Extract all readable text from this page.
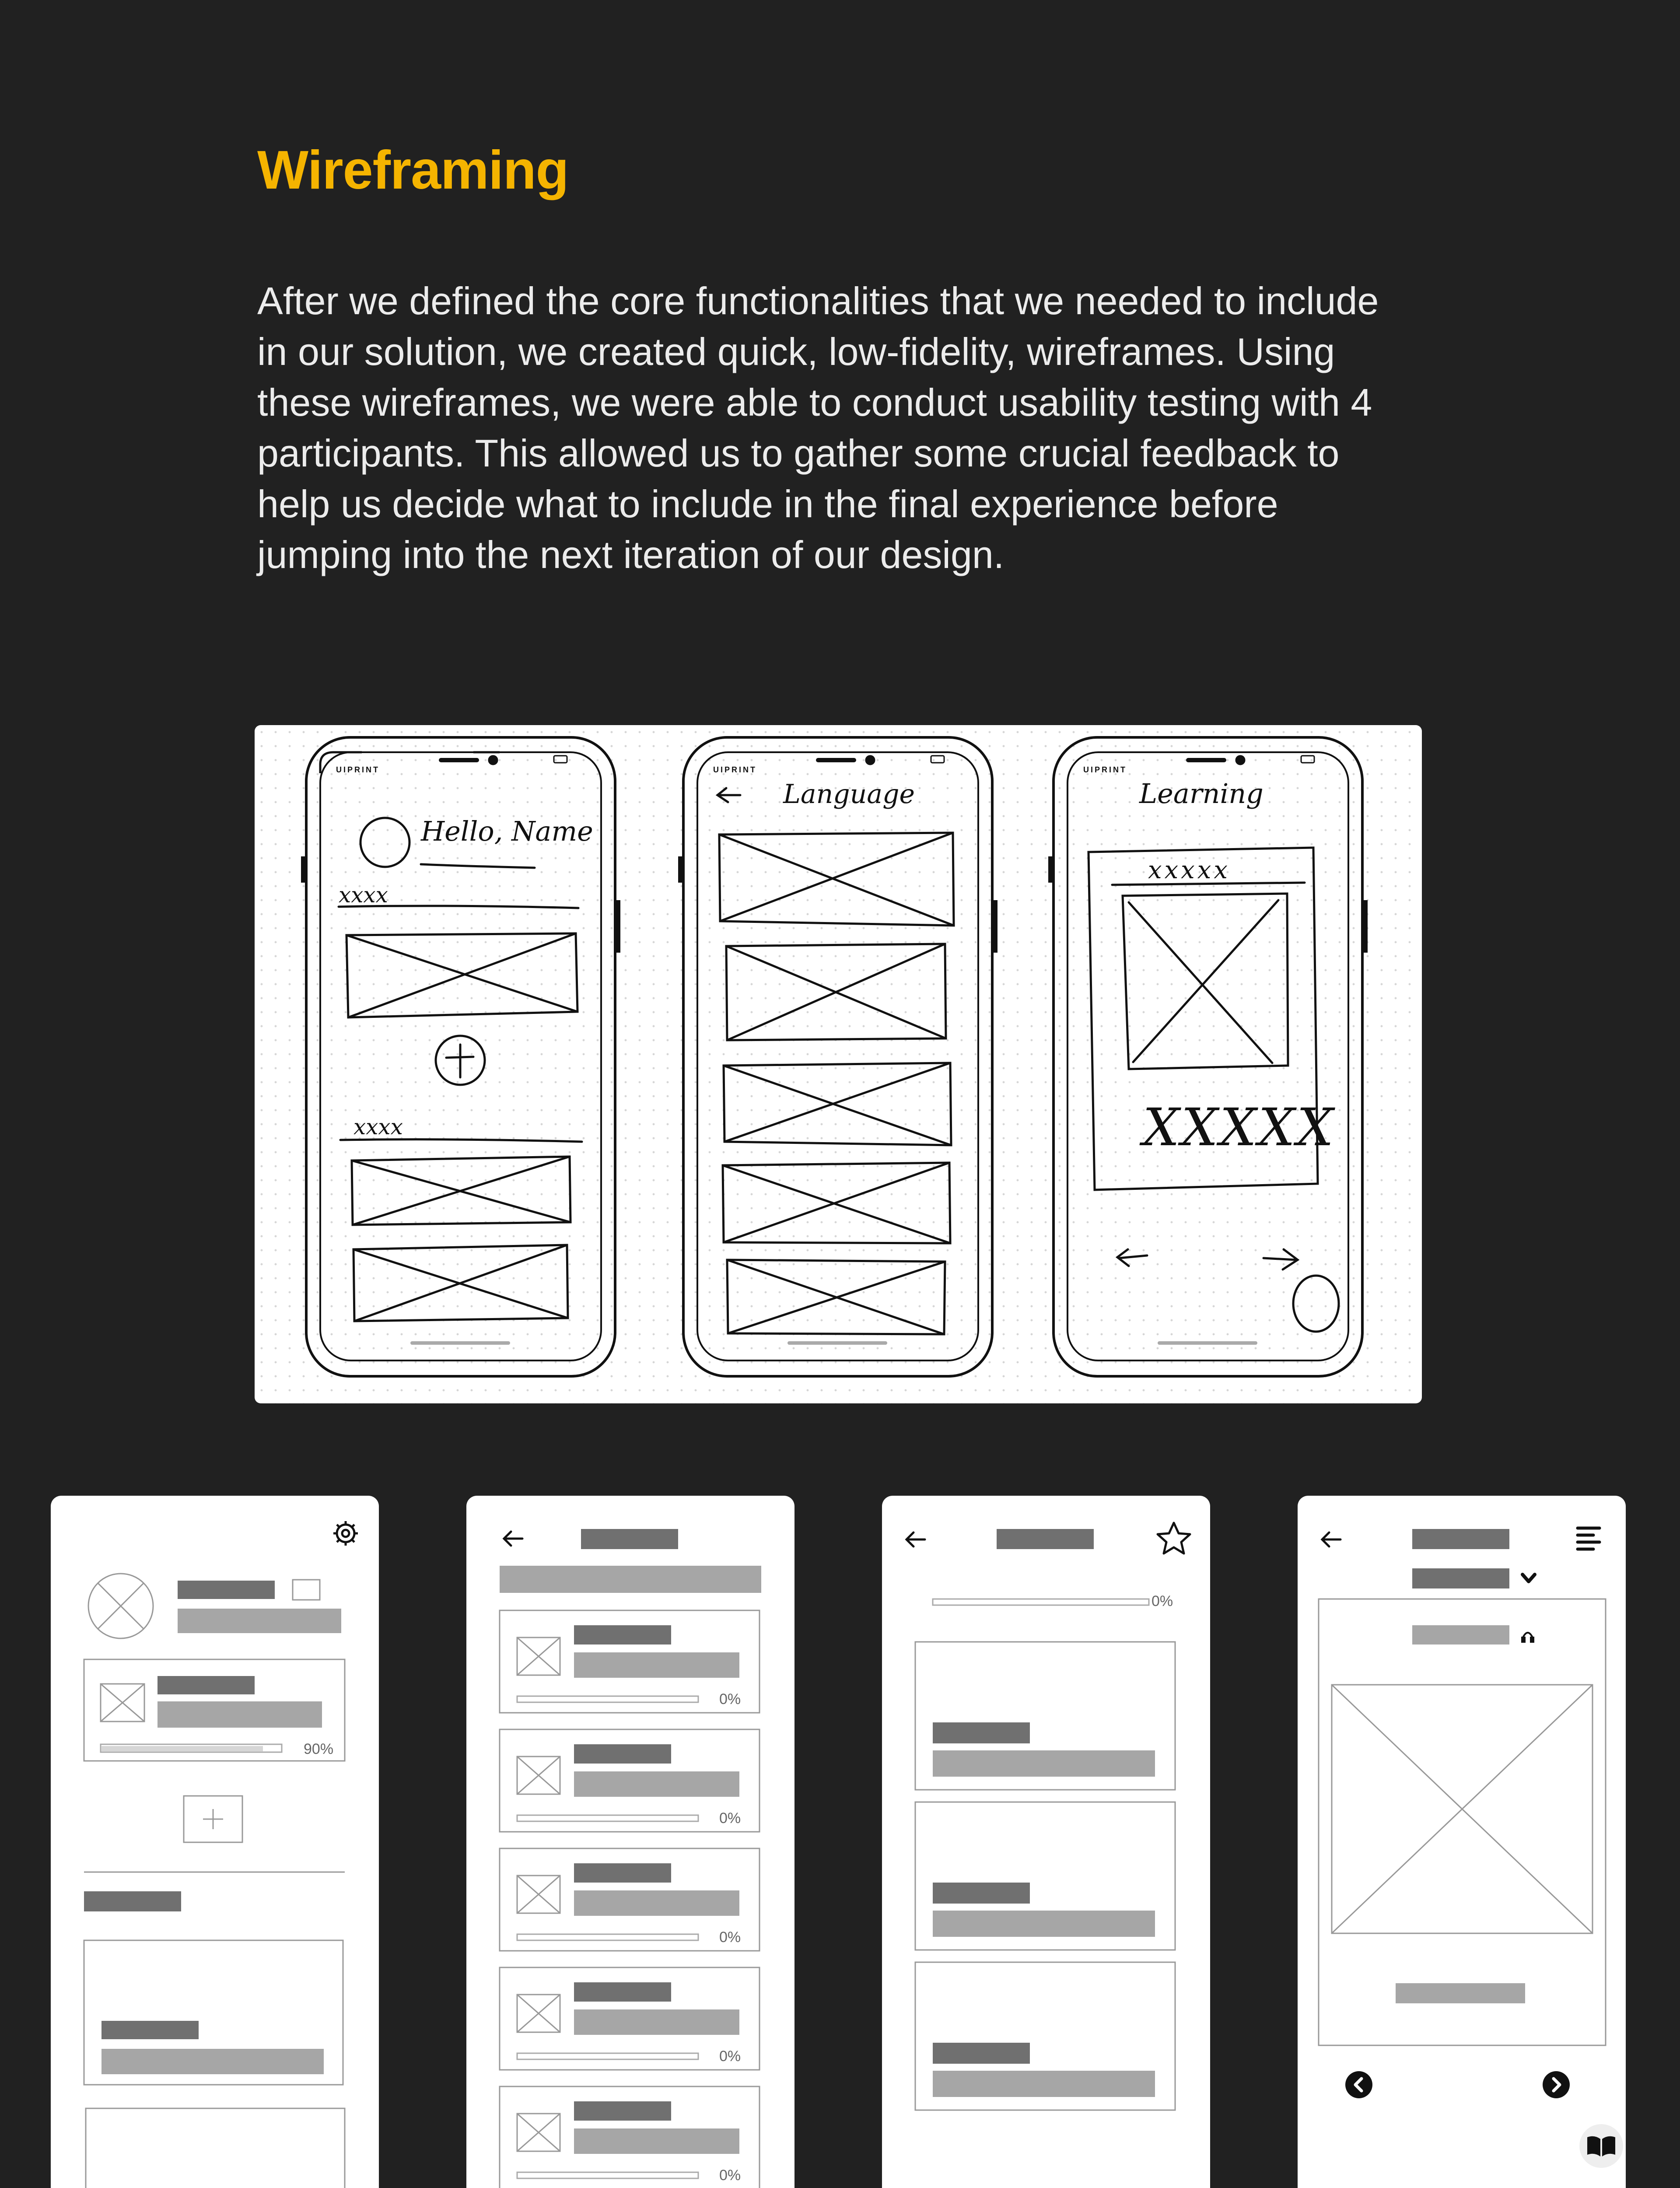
Wireframing

After we defined the core functionalities that we needed to include in our solution, we created quick, low-fidelity, wireframes. Using these wireframes, we were able to conduct usability testing with 4 participants. This allowed us to gather some crucial feedback to help us decide what to include in the final experience before jumping into the next iteration of our design.

UIPRINT
Hello, Name
xxxx
xxxx
UIPRINT
Language
UIPRINT
Learning
xxxxx
XXXXX
90%
0%
0%
0%
0%
0%
0%
